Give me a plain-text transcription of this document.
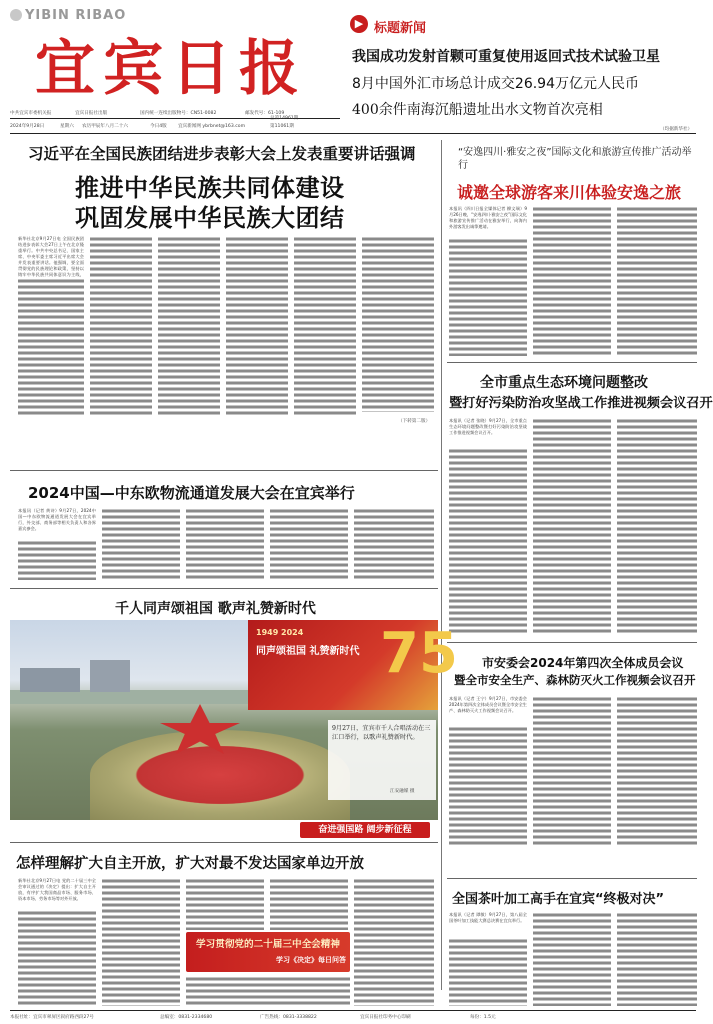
YIBIN RIBAO
宜宾日报
中共宜宾市委机关报	宜宾日报社出版	国内统一连续出版物号：CN51-0082	邮发代号：61-109
2024年9月28日	星期六 农历甲辰年八月二十六	今日4版 宜宾新闻网 ybrbnet@163.com
总第14961期
第11061期
▶ 标题新闻
我国成功发射首颗可重复使用返回式技术试验卫星
8月中国外汇市场总计成交26.94万亿元人民币
400余件南海沉船遗址出水文物首次亮相
（均据新华社）
习近平在全国民族团结进步表彰大会上发表重要讲话强调
推进中华民族共同体建设
巩固发展中华民族大团结
新华社北京9月27日电 全国民族团结进步表彰大会27日上午在北京隆重举行。中共中央总书记、国家主席、中央军委主席习近平出席大会并发表重要讲话。他强调，要全面贯彻党的民族理论和政策，坚持以铸牢中华民族共同体意识为主线，
（下转第二版）
“安逸四川·雅安之夜”国际文化和旅游宣传推广活动举行
诚邀全球游客来川体验安逸之旅
本报讯（四川日报全媒体记者 柳文瑞）9月26日晚，“安逸四川·雅安之夜”国际文化和旅游宣传推广活动在雅安举行，向海内外游客发出诚挚邀请。
全市重点生态环境问题整改
暨打好污染防治攻坚战工作推进视频会议召开
本报讯（记者 张晓）9月27日，全市重点生态环境问题整改暨打好污染防治攻坚战工作推进视频会议召开。
2024中国—中东欧物流通道发展大会在宜宾举行
本报讯（记者 黄诗）9月27日，2024中国—中东欧物流通道发展大会在宜宾举行，外交部、商务部等相关负责人和各界嘉宾参会。
千人同声颂祖国 歌声礼赞新时代
1949 2024
同声颂祖国 礼赞新时代 75
9月27日，宜宾市千人合唱活动在三江口举行，以歌声礼赞新时代。
江安融媒 摄
奋进强国路 阔步新征程
市安委会2024年第四次全体成员会议
暨全市安全生产、森林防灭火工作视频会议召开
本报讯（记者 王宁）9月27日，市安委会2024年第四次全体成员会议暨全市安全生产、森林防灭火工作视频会议召开。
怎样理解扩大自主开放，扩大对最不发达国家单边开放
新华社北京9月27日电 党的二十届三中全会审议通过的《决定》提出：扩大自主开放，有序扩大我国商品市场、服务市场、资本市场、劳务市场等对外开放。
学习贯彻党的二十届三中全会精神
学习《决定》每日问答
全国茶叶加工高手在宜宾“终极对决”
本报讯（记者 谭敏）9月27日，第八届全国茶叶加工技能大赛总决赛在宜宾举行。
本报社址：宜宾市翠屏区叙府路西段27号	总编室：0831-2334680	广告热线：0831-3338822	宜宾日报社印务中心印刷	每份：1.5元
